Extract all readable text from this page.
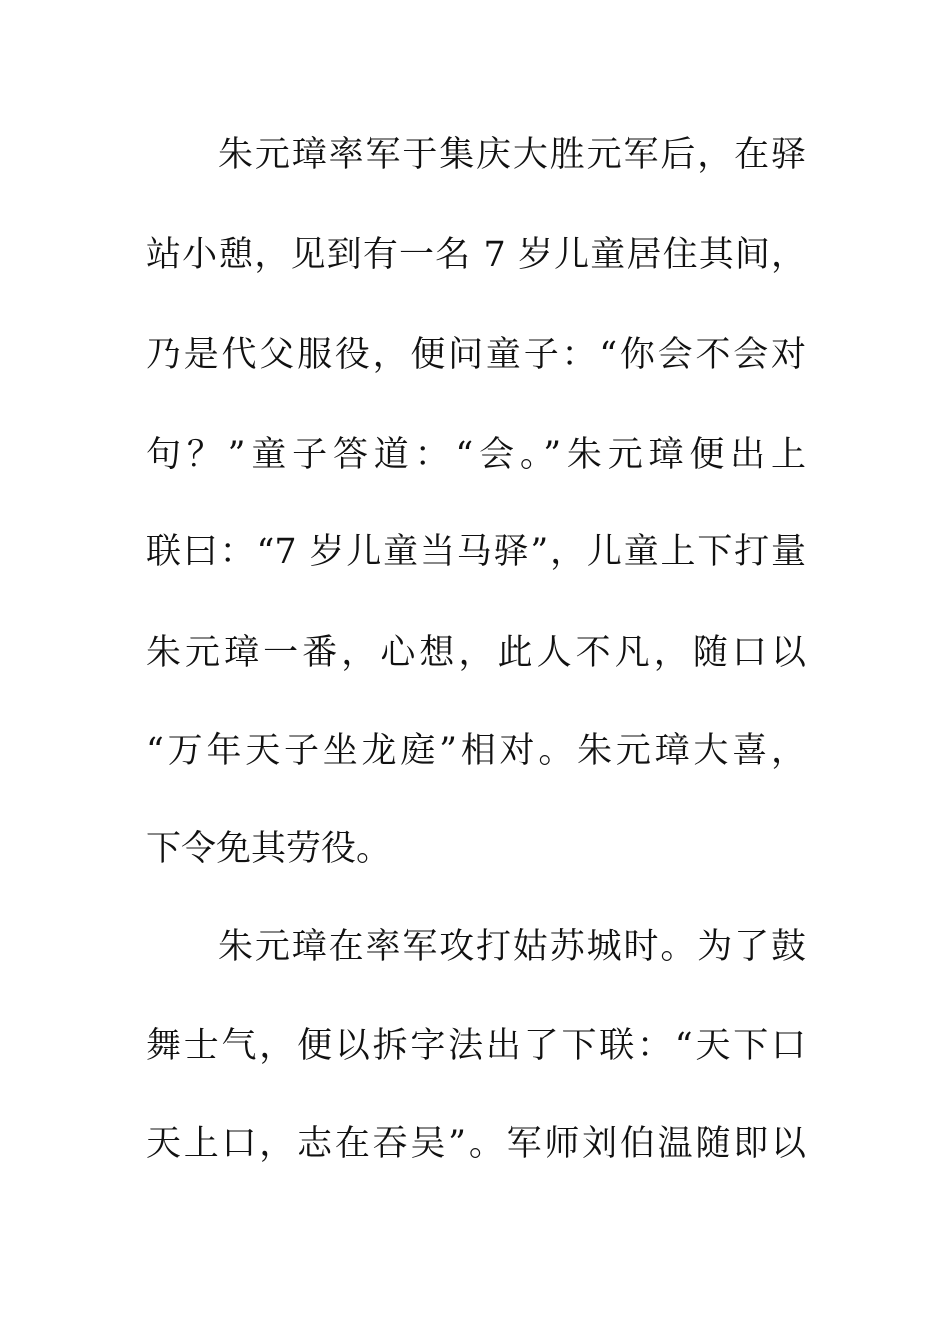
朱元璋率军于集庆大胜元军后，在驿
站小憩，见到有一名 7 岁儿童居住其间，
乃是代父服役，便问童子：“你会不会对
句？”童子答道：“会。”朱元璋便出上
联曰：“7 岁儿童当马驿”，儿童上下打量
朱元璋一番，心想，此人不凡，随口以
“万年天子坐龙庭”相对。朱元璋大喜，
下令免其劳役。
朱元璋在率军攻打姑苏城时。为了鼓
舞士气，便以拆字法出了下联：“天下口
天上口，志在吞吴”。军师刘伯温随即以
